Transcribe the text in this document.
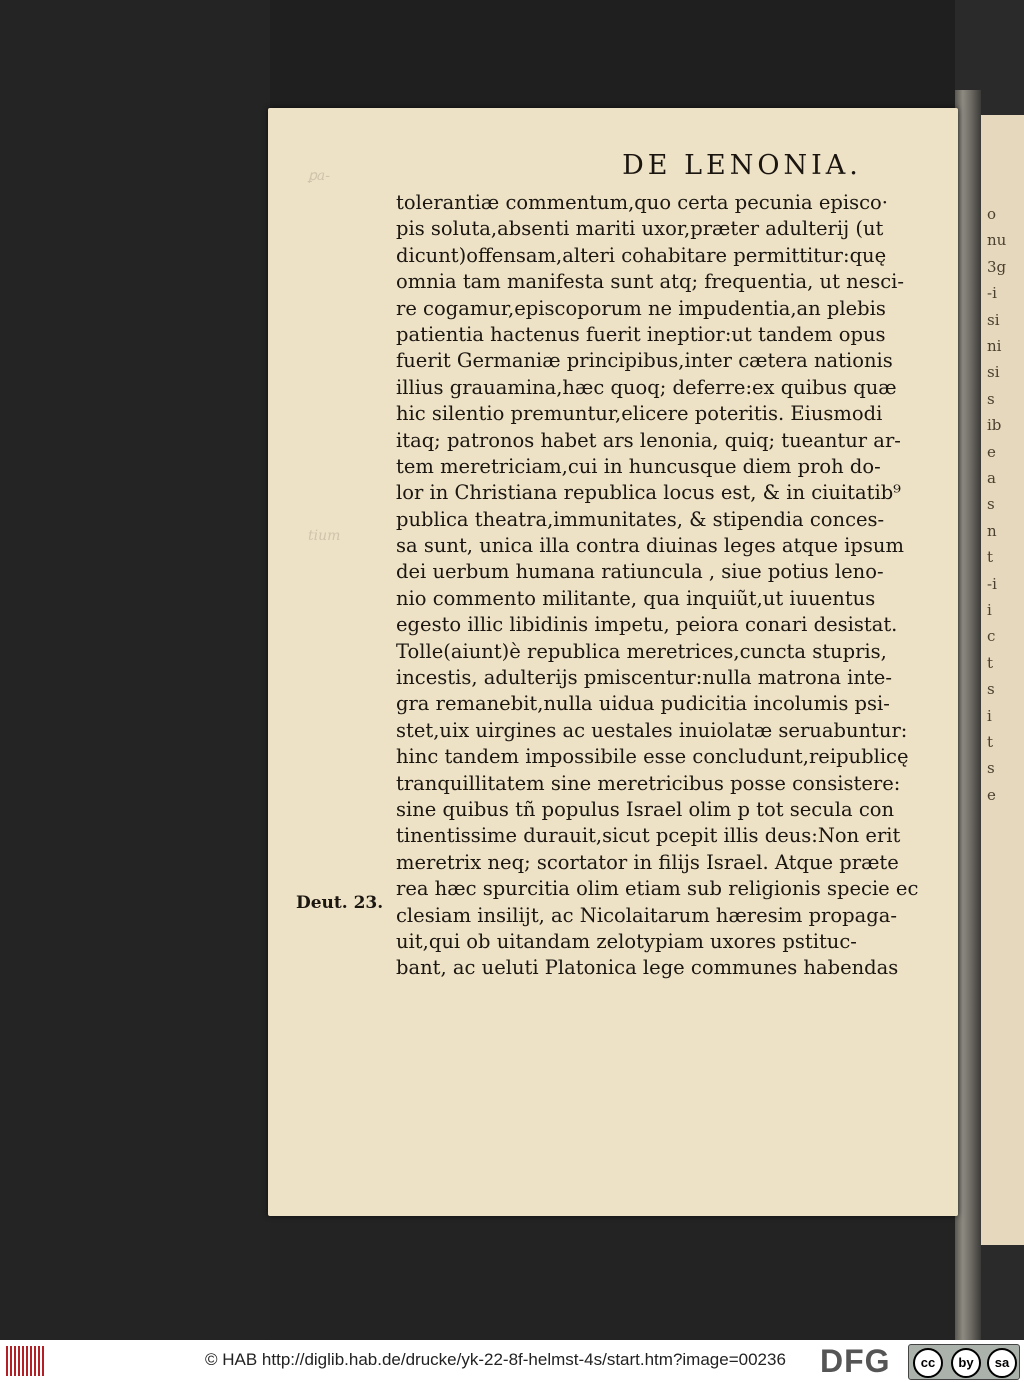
o
nu
3g
-i
si
ni
si
s
ib
e
a
s
n
t
-i
i
c
t
s
i
t
s
e
ꝑa-
tium
DE LENONIA.
tolerantiæ commentum,quo certa pecunia episco·
pis soluta,absenti mariti uxor,præter adulterij (ut
dicunt)offensam,alteri cohabitare permittitur:quę
omnia tam manifesta sunt atq; frequentia, ut nesci-
re cogamur,episcoporum ne impudentia,an plebis
patientia hactenus fuerit ineptior:ut tandem opus
fuerit Germaniæ principibus,inter cætera nationis
illius grauamina,hæc quoq; deferre:ex quibus quæ
hic silentio premuntur,elicere poteritis. Eiusmodi
itaq; patronos habet ars lenonia, quiq; tueantur ar-
tem meretriciam,cui in huncusque diem proh do-
lor in Christiana republica locus est, & in ciuitatib⁹
publica theatra,immunitates, & stipendia conces-
sa sunt, unica illa contra diuinas leges atque ipsum
dei uerbum humana ratiuncula , siue potius leno-
nio commento militante, qua inquiũt,ut iuuentus
egesto illic libidinis impetu, peiora conari desistat.
Tolle(aiunt)è republica meretrices,cuncta stupris,
incestis, adulterijs pmiscentur:nulla matrona inte-
gra remanebit,nulla uidua pudicitia incolumis psi-
stet,uix uirgines ac uestales inuiolatæ seruabuntur:
hinc tandem impossibile esse concludunt,reipublicę
tranquillitatem sine meretricibus posse consistere:
sine quibus tñ populus Israel olim p tot secula con
tinentissime durauit,sicut pcepit illis deus:Non erit
meretrix neq; scortator in filijs Israel. Atque præte
rea hæc spurcitia olim etiam sub religionis specie ec
clesiam insilijt, ac Nicolaitarum hæresim propaga-
uit,qui ob uitandam zelotypiam uxores pstituc-
bant, ac ueluti Platonica lege communes habendas
Deut. 23.
© HAB http://diglib.hab.de/drucke/yk-22-8f-helmst-4s/start.htm?image=00236 DFG	cc	by	sa
